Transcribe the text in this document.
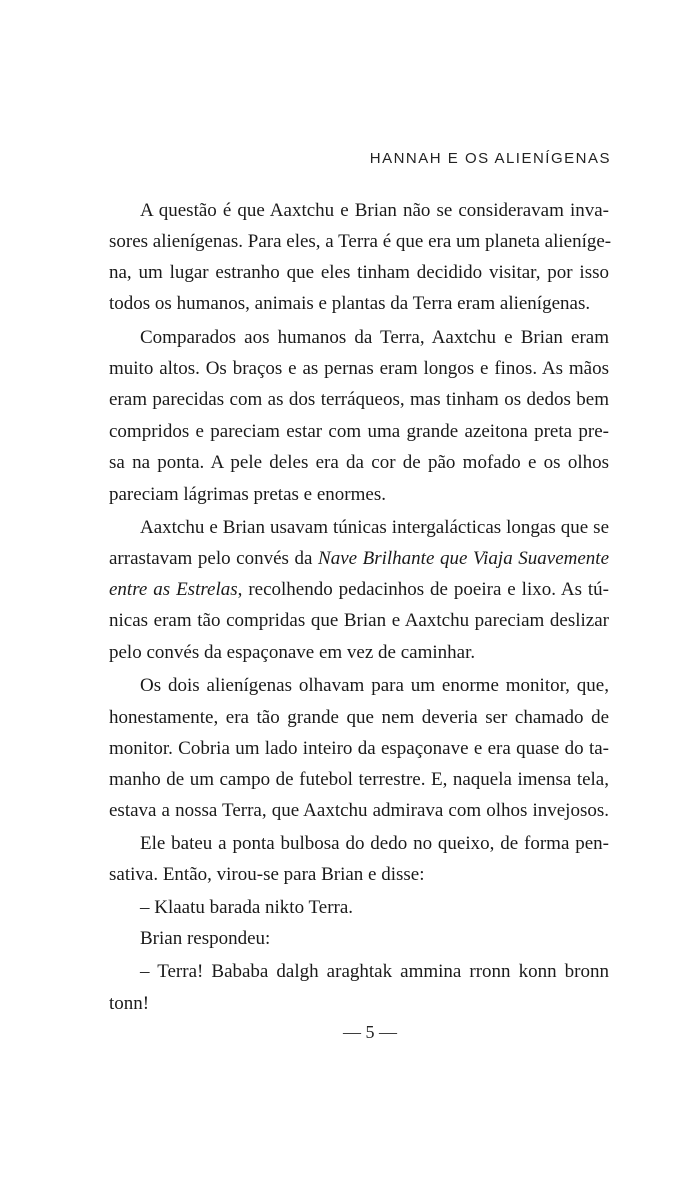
HANNAH E OS ALIENÍGENAS
A questão é que Aaxtchu e Brian não se consideravam inva-
sores alienígenas. Para eles, a Terra é que era um planeta alieníge-
na, um lugar estranho que eles tinham decidido visitar, por isso
todos os humanos, animais e plantas da Terra eram alienígenas.
Comparados aos humanos da Terra, Aaxtchu e Brian eram
muito altos. Os braços e as pernas eram longos e finos. As mãos
eram parecidas com as dos terráqueos, mas tinham os dedos bem
compridos e pareciam estar com uma grande azeitona preta pre-
sa na ponta. A pele deles era da cor de pão mofado e os olhos
pareciam lágrimas pretas e enormes.
Aaxtchu e Brian usavam túnicas intergalácticas longas que se
arrastavam pelo convés da Nave Brilhante que Viaja Suavemente
entre as Estrelas, recolhendo pedacinhos de poeira e lixo. As tú-
nicas eram tão compridas que Brian e Aaxtchu pareciam deslizar
pelo convés da espaçonave em vez de caminhar.
Os dois alienígenas olhavam para um enorme monitor, que,
honestamente, era tão grande que nem deveria ser chamado de
monitor. Cobria um lado inteiro da espaçonave e era quase do ta-
manho de um campo de futebol terrestre. E, naquela imensa tela,
estava a nossa Terra, que Aaxtchu admirava com olhos invejosos.
Ele bateu a ponta bulbosa do dedo no queixo, de forma pen-
sativa. Então, virou-se para Brian e disse:
– Klaatu barada nikto Terra.
Brian respondeu:
– Terra! Bababa dalgh araghtak ammina rronn konn bronn
tonn!
— 5 —
